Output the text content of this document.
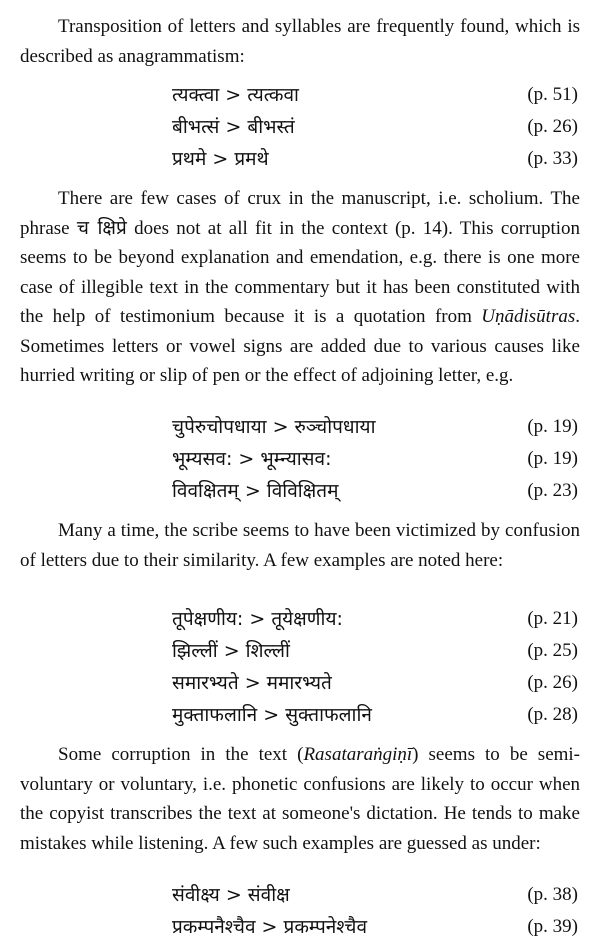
Transposition of letters and syllables are frequently found, which is described as anagrammatism:

त्यक्त्वा > त्यत्कवा	(p. 51)
बीभत्सं > बीभस्तं	(p. 26)
प्रथमे > प्रमथे	(p. 33)

There are few cases of crux in the manuscript, i.e. scholium. The phrase च क्षिप्रे does not at all fit in the context (p. 14). This corruption seems to be beyond explanation and emendation, e.g. there is one more case of illegible text in the commentary but it has been constituted with the help of testimonium because it is a quotation from Uṇādisūtras. Sometimes letters or vowel signs are added due to various causes like hurried writing or slip of pen or the effect of adjoining letter, e.g.

चुपेरुचोपधाया > रुञ्चोपधाया	(p. 19)
भूम्यसव: > भूम्न्यासव:	(p. 19)
विवक्षितम् > विविक्षितम्	(p. 23)

Many a time, the scribe seems to have been victimized by confusion of letters due to their similarity. A few examples are noted here:

तूपेक्षणीय: > तूयेक्षणीय:	(p. 21)
झिल्लीं > शिल्लीं	(p. 25)
समारभ्यते > ममारभ्यते	(p. 26)
मुक्ताफलानि > सुक्ताफलानि	(p. 28)

Some corruption in the text (Rasataraṅgiṇī) seems to be semi-voluntary or voluntary, i.e. phonetic confusions are likely to occur when the copyist transcribes the text at someone's dictation. He tends to make mistakes while listening. A few such examples are guessed as under:

संवीक्ष्य > संवीक्ष	(p. 38)
प्रकम्पनैश्चैव > प्रकम्पनेश्चैव	(p. 39)
